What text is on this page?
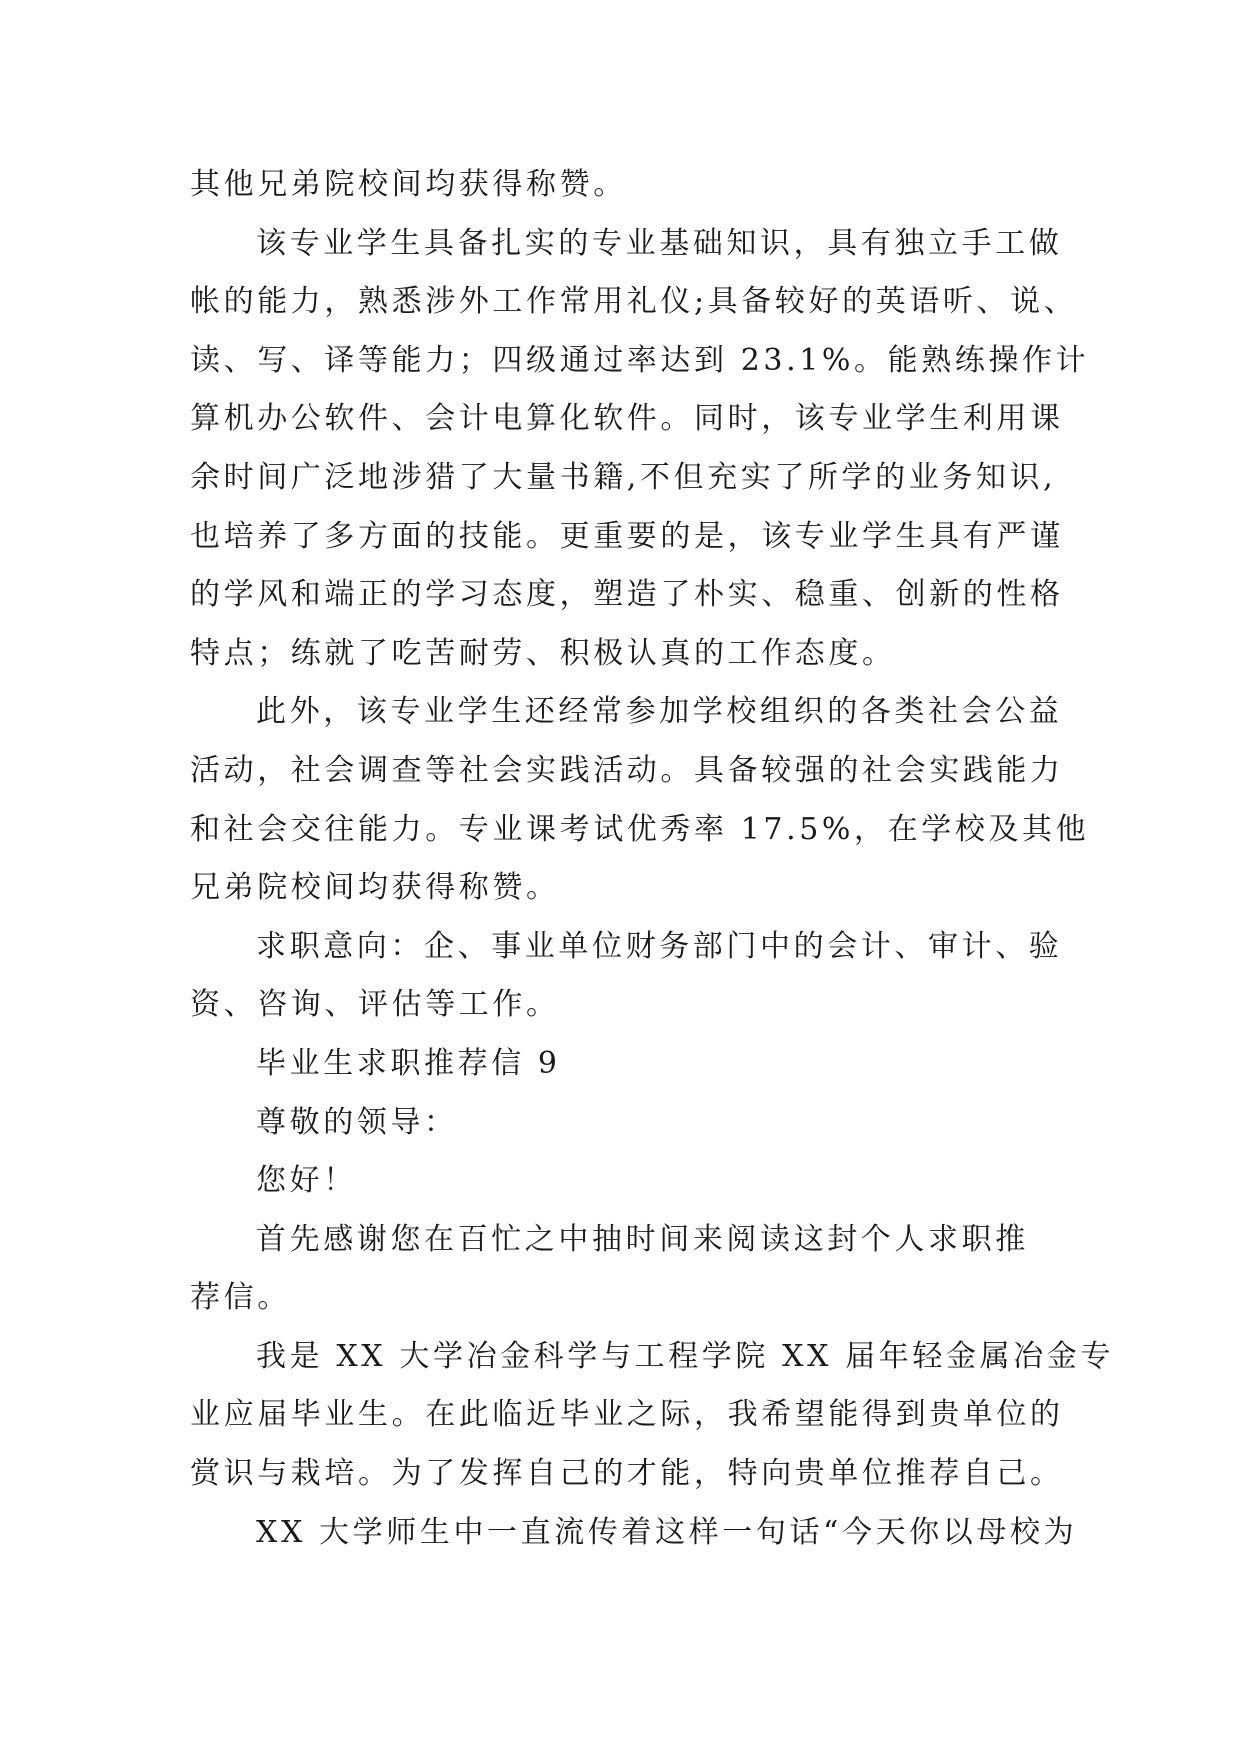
其他兄弟院校间均获得称赞。
该专业学生具备扎实的专业基础知识，具有独立手工做
帐的能力，熟悉涉外工作常用礼仪;具备较好的英语听、说、
读、写、译等能力；四级通过率达到 23.1%。能熟练操作计
算机办公软件、会计电算化软件。同时，该专业学生利用课
余时间广泛地涉猎了大量书籍,不但充实了所学的业务知识,
也培养了多方面的技能。更重要的是，该专业学生具有严谨
的学风和端正的学习态度，塑造了朴实、稳重、创新的性格
特点；练就了吃苦耐劳、积极认真的工作态度。
此外，该专业学生还经常参加学校组织的各类社会公益
活动，社会调查等社会实践活动。具备较强的社会实践能力
和社会交往能力。专业课考试优秀率 17.5%，在学校及其他
兄弟院校间均获得称赞。
求职意向：企、事业单位财务部门中的会计、审计、验
资、咨询、评估等工作。
毕业生求职推荐信 9
尊敬的领导：
您好！
首先感谢您在百忙之中抽时间来阅读这封个人求职推
荐信。
我是 XX 大学冶金科学与工程学院 XX 届年轻金属冶金专
业应届毕业生。在此临近毕业之际，我希望能得到贵单位的
赏识与栽培。为了发挥自己的才能，特向贵单位推荐自己。
XX 大学师生中一直流传着这样一句话“今天你以母校为
